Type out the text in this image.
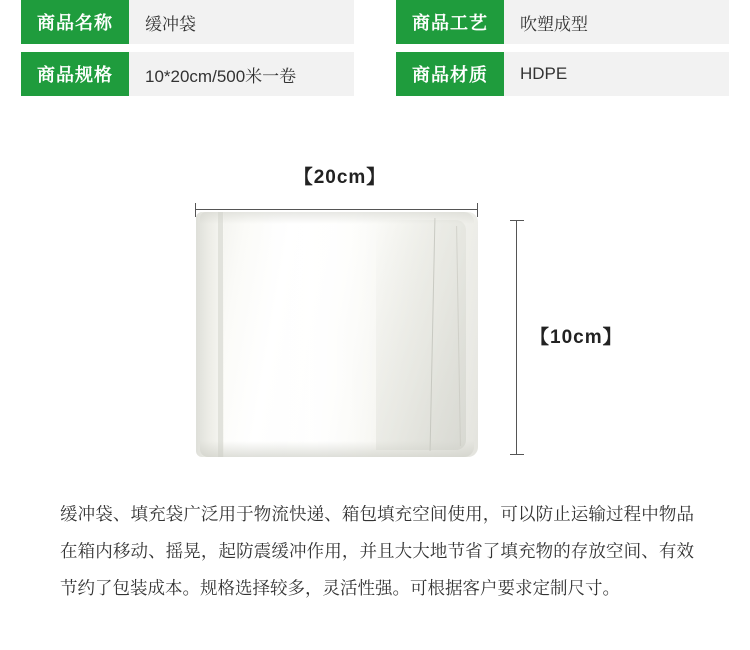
商品名称	缓冲袋	商品工艺	吹塑成型
商品规格	10*20cm/500米一卷	商品材质	HDPE
【20cm】
【10cm】
缓冲袋、填充袋广泛用于物流快递、箱包填充空间使用，可以防止运输过程中物品在箱内移动、摇晃，起防震缓冲作用，并且大大地节省了填充物的存放空间、有效节约了包装成本。规格选择较多，灵活性强。可根据客户要求定制尺寸。
